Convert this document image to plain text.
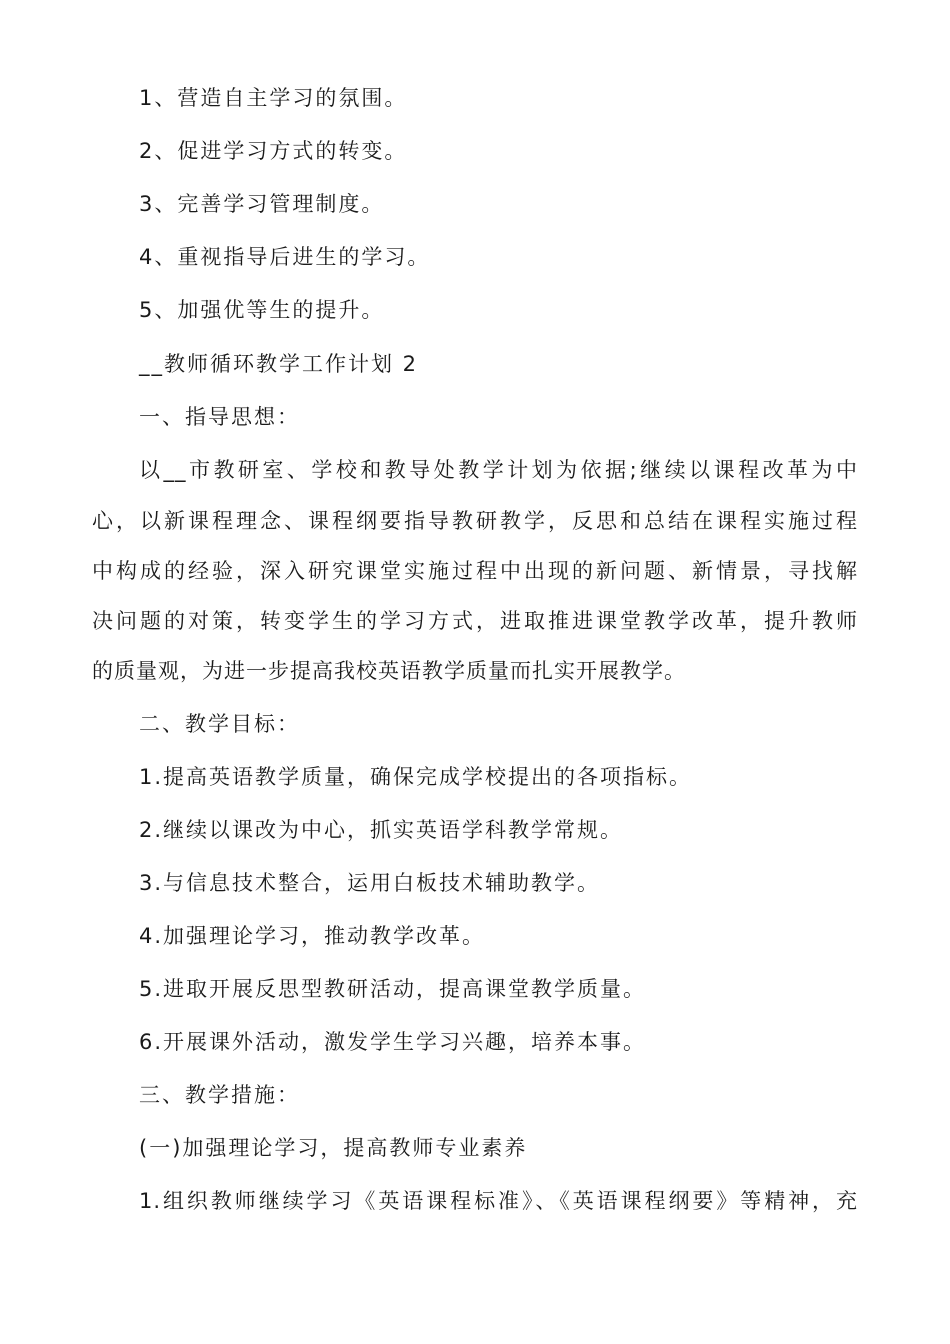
1、营造自主学习的氛围。
2、促进学习方式的转变。
3、完善学习管理制度。
4、重视指导后进生的学习。
5、加强优等生的提升。
__教师循环教学工作计划 2
一、指导思想：
以__市教研室、学校和教导处教学计划为依据;继续以课程改革为中
心，以新课程理念、课程纲要指导教研教学，反思和总结在课程实施过程
中构成的经验，深入研究课堂实施过程中出现的新问题、新情景，寻找解
决问题的对策，转变学生的学习方式，进取推进课堂教学改革，提升教师
的质量观，为进一步提高我校英语教学质量而扎实开展教学。
二、教学目标：
1.提高英语教学质量，确保完成学校提出的各项指标。
2.继续以课改为中心，抓实英语学科教学常规。
3.与信息技术整合，运用白板技术辅助教学。
4.加强理论学习，推动教学改革。
5.进取开展反思型教研活动，提高课堂教学质量。
6.开展课外活动，激发学生学习兴趣，培养本事。
三、教学措施：
(一)加强理论学习，提高教师专业素养
1.组织教师继续学习《英语课程标准》、《英语课程纲要》等精神，充
